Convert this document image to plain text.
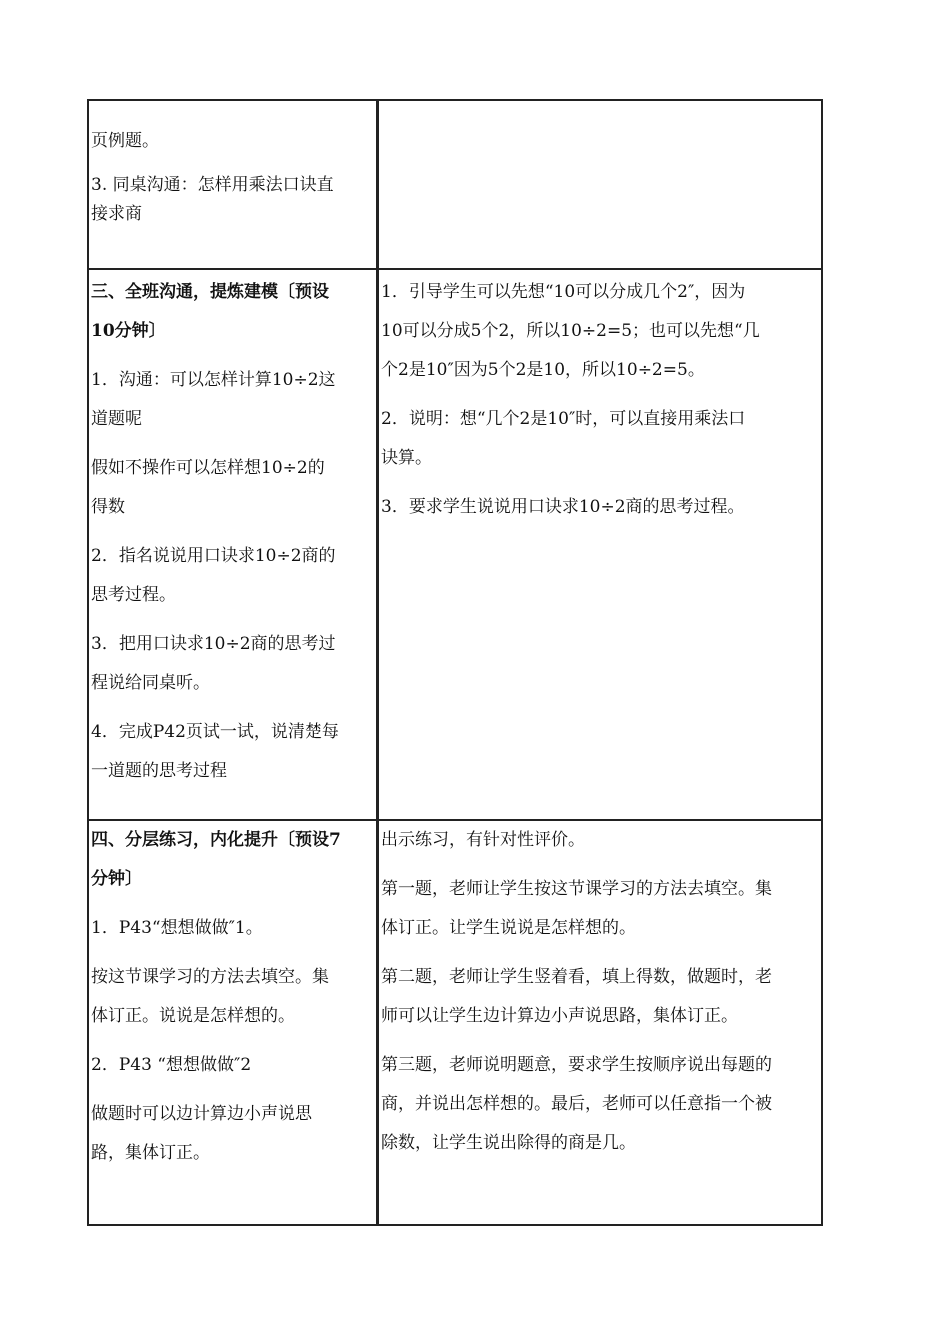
页例题。

3. 同桌沟通：怎样用乘法口诀直

接求商

三、全班沟通，提炼建模〔预设

10分钟〕

1．沟通：可以怎样计算10÷2这

道题呢

假如不操作可以怎样想10÷2的

得数

2．指名说说用口诀求10÷2商的

思考过程。

3．把用口诀求10÷2商的思考过

程说给同桌听。

4．完成P42页试一试，说清楚每

一道题的思考过程

1．引导学生可以先想“10可以分成几个2″，因为

10可以分成5个2，所以10÷2=5；也可以先想“几

个2是10″因为5个2是10，所以10÷2=5。

2．说明：想“几个2是10″时，可以直接用乘法口

诀算。

3．要求学生说说用口诀求10÷2商的思考过程。

四、分层练习，内化提升〔预设7

分钟〕

1．P43“想想做做″1。

按这节课学习的方法去填空。集

体订正。说说是怎样想的。

2．P43 “想想做做″2

做题时可以边计算边小声说思

路，集体订正。

出示练习，有针对性评价。

第一题，老师让学生按这节课学习的方法去填空。集

体订正。让学生说说是怎样想的。

第二题，老师让学生竖着看，填上得数，做题时，老

师可以让学生边计算边小声说思路，集体订正。

第三题，老师说明题意，要求学生按顺序说出每题的

商，并说出怎样想的。最后，老师可以任意指一个被

除数，让学生说出除得的商是几。
